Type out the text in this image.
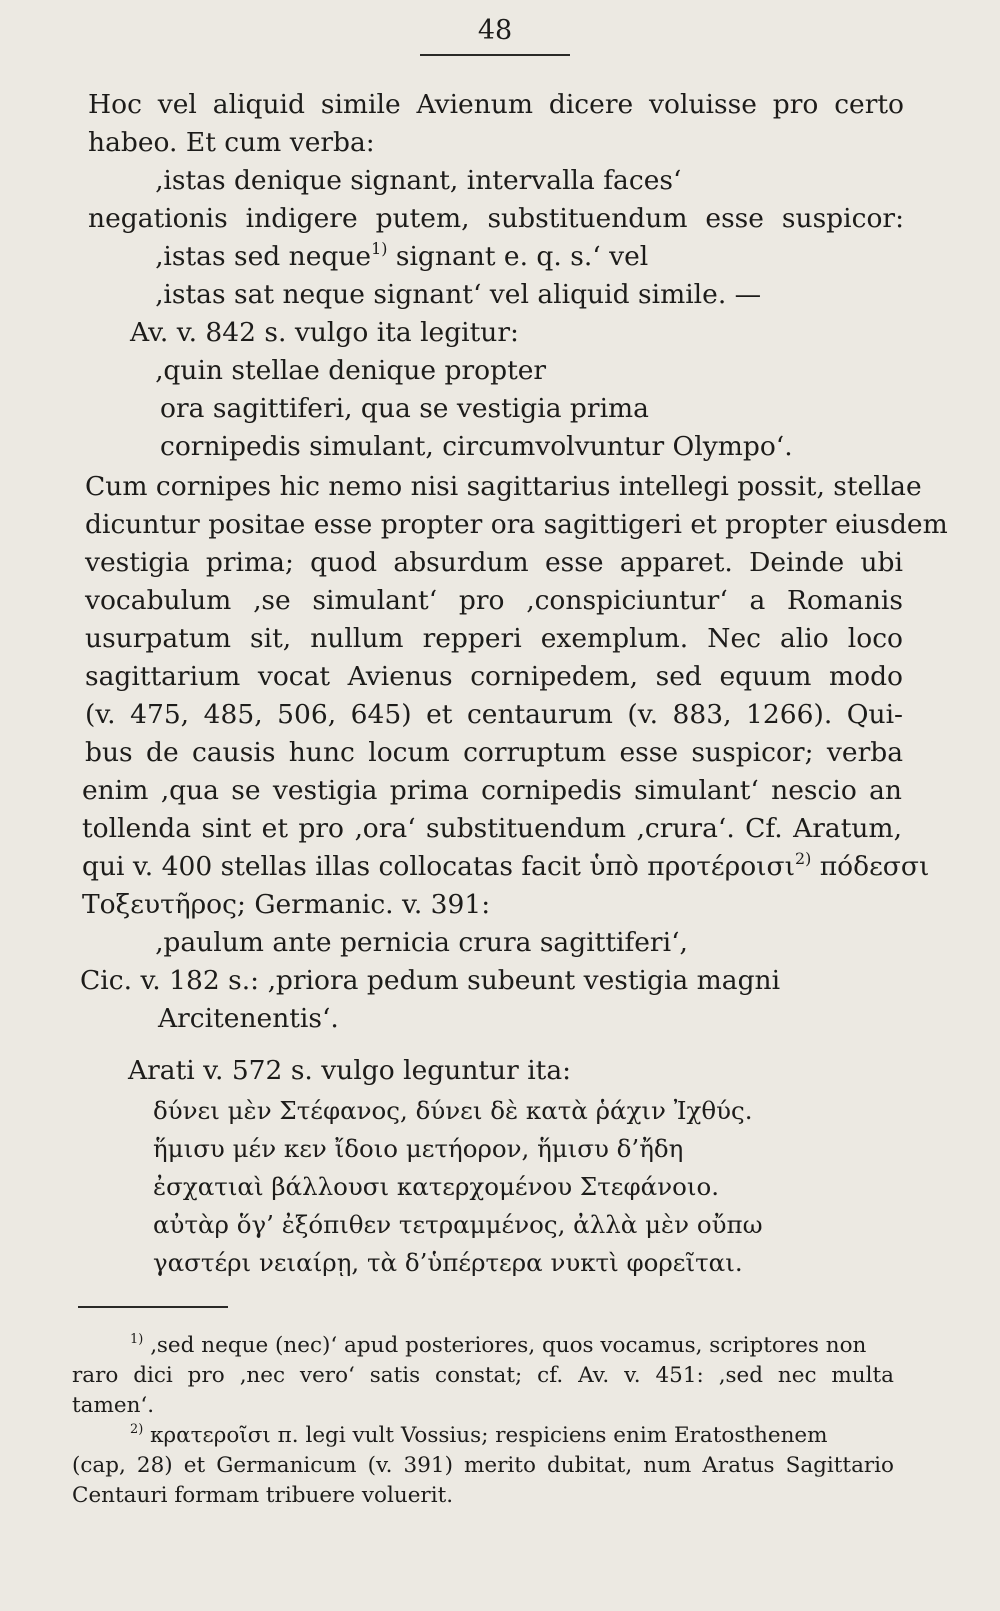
48
Hoc vel aliquid simile Avienum dicere voluisse pro certo
habeo. Et cum verba:
‚istas denique signant, intervalla faces‘
negationis indigere putem, substituendum esse suspicor:
‚istas sed neque$^{1)}$ signant e. q. s.‘ vel
‚istas sat neque signant‘ vel aliquid simile. —
Av. v. 842 s. vulgo ita legitur:
‚quin stellae denique propter
ora sagittiferi, qua se vestigia prima
cornipedis simulant, circumvolvuntur Olympo‘.
Cum cornipes hic nemo nisi sagittarius intellegi possit, stellae
dicuntur positae esse propter ora sagittigeri et propter eiusdem
vestigia prima; quod absurdum esse apparet. Deinde ubi
vocabulum ‚se simulant‘ pro ‚conspiciuntur‘ a Romanis
usurpatum sit, nullum repperi exemplum. Nec alio loco
sagittarium vocat Avienus cornipedem, sed equum modo
(v. 475, 485, 506, 645) et centaurum (v. 883, 1266). Qui-
bus de causis hunc locum corruptum esse suspicor; verba
enim ‚qua se vestigia prima cornipedis simulant‘ nescio an
tollenda sint et pro ‚ora‘ substituendum ‚crura‘. Cf. Aratum,
qui v. 400 stellas illas collocatas facit ὑπὸ προτέροισι$^{2)}$ πόδεσσι
Τοξευτῆρος; Germanic. v. 391:
‚paulum ante pernicia crura sagittiferi‘,
Cic. v. 182 s.: ‚priora pedum subeunt vestigia magni
Arcitenentis‘.
Arati v. 572 s. vulgo leguntur ita:
δύνει μὲν Στέφανος, δύνει δὲ κατὰ ῥάχιν Ἰχθύς.
ἥμισυ μέν κεν ἴδοιο μετήορον, ἥμισυ δ’ἤδη
ἐσχατιαὶ βάλλουσι κατερχομένου Στεφάνοιο.
αὐτὰρ ὅγ’ ἐξόπιθεν τετραμμένος, ἀλλὰ μὲν οὔπω
γαστέρι νειαίρῃ, τὰ δ’ὑπέρτερα νυκτὶ φορεῖται.
$^{1)}$ ‚sed neque (nec)‘ apud posteriores, quos vocamus, scriptores non
raro dici pro ‚nec vero‘ satis constat; cf. Av. v. 451: ‚sed nec multa
tamen‘.
$^{2)}$ κρατεροῖσι π. legi vult Vossius; respiciens enim Eratosthenem
(cap, 28) et Germanicum (v. 391) merito dubitat, num Aratus Sagittario
Centauri formam tribuere voluerit.
